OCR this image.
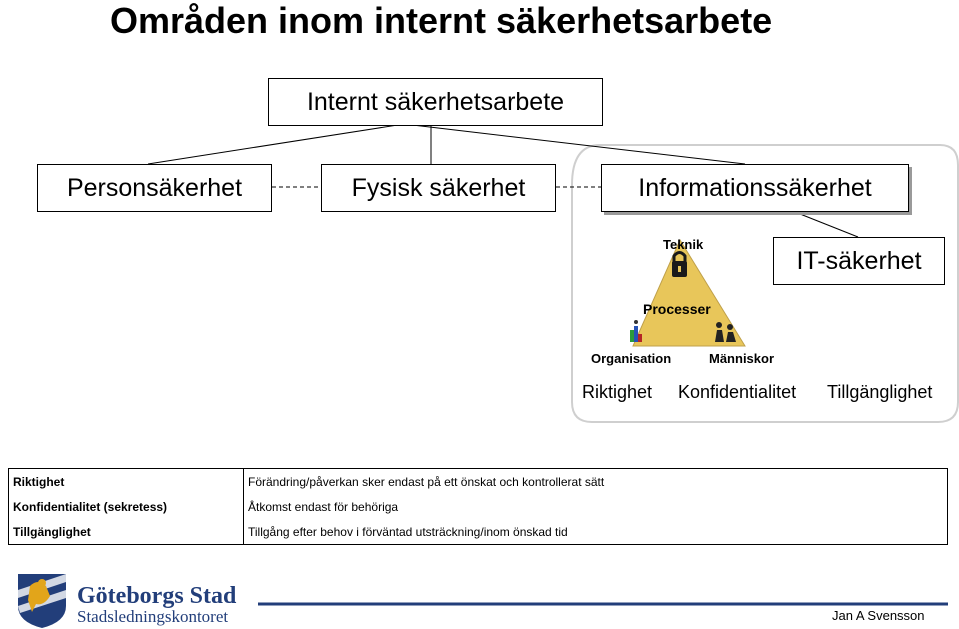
Områden inom internt säkerhetsarbete
Internt säkerhetsarbete
Personsäkerhet	Fysisk säkerhet	Informationssäkerhet
IT-säkerhet
Teknik
Processer
Organisation	Människor
Riktighet Konfidentialitet Tillgänglighet
Riktighet	Förändring/påverkan sker endast på ett önskat och kontrollerat sätt
Konfidentialitet (sekretess)	Åtkomst endast för behöriga
Tillgänglighet	Tillgång efter behov i förväntad utsträckning/inom önskad tid
Göteborgs Stad
Stadsledningskontoret	Jan A Svensson
